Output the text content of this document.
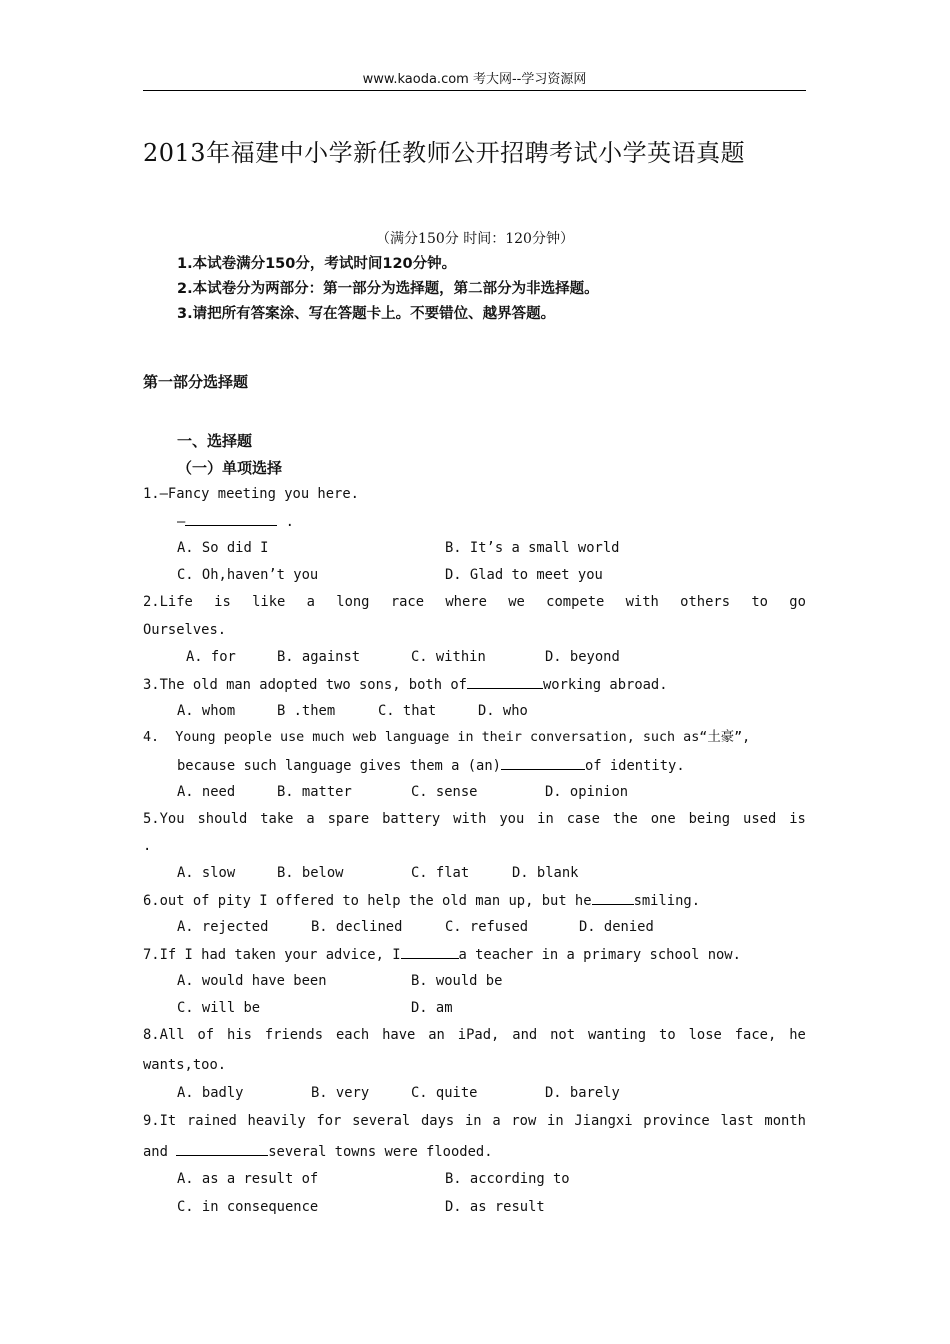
www.kaoda.com 考大网--学习资源网
2013年福建中小学新任教师公开招聘考试小学英语真题
（满分150分 时间：120分钟）
1.本试卷满分150分，考试时间120分钟。
2.本试卷分为两部分：第一部分为选择题，第二部分为非选择题。
3.请把所有答案涂、写在答题卡上。不要错位、越界答题。
第一部分选择题
一、选择题
（一）单项选择
1.—Fancy meeting you here.
—	.
A. So did I	B. It’s a small world
C. Oh,haven’t you	D. Glad to meet you
2.Life is like a long race where we compete with others to go
Ourselves.
A. for	B. against	C. within	D. beyond
3.The old man adopted two sons, both of	working abroad.
A. whom	B .them	C. that	D. who
4.  Young people use much web language in their conversation, such as“土豪”,
because such language gives them a (an)	of identity.
A. need	B. matter	C. sense	D. opinion
5.You should take a spare battery with you in case the one being used is
.
A. slow	B. below	C. flat	D. blank
6.out of pity I offered to help the old man up, but he	smiling.
A. rejected	B. declined	C. refused	D. denied
7.If I had taken your advice, I	a teacher in a primary school now.
A. would have been	B. would be
C. will be	D. am
8.All of his friends each have an iPad, and not wanting to lose face, he
wants,too.
A. badly	B. very	C. quite	D. barely
9.It rained heavily for several days in a row in Jiangxi province last month
and	several towns were flooded.
A. as a result of	B. according to
C. in consequence	D. as result
